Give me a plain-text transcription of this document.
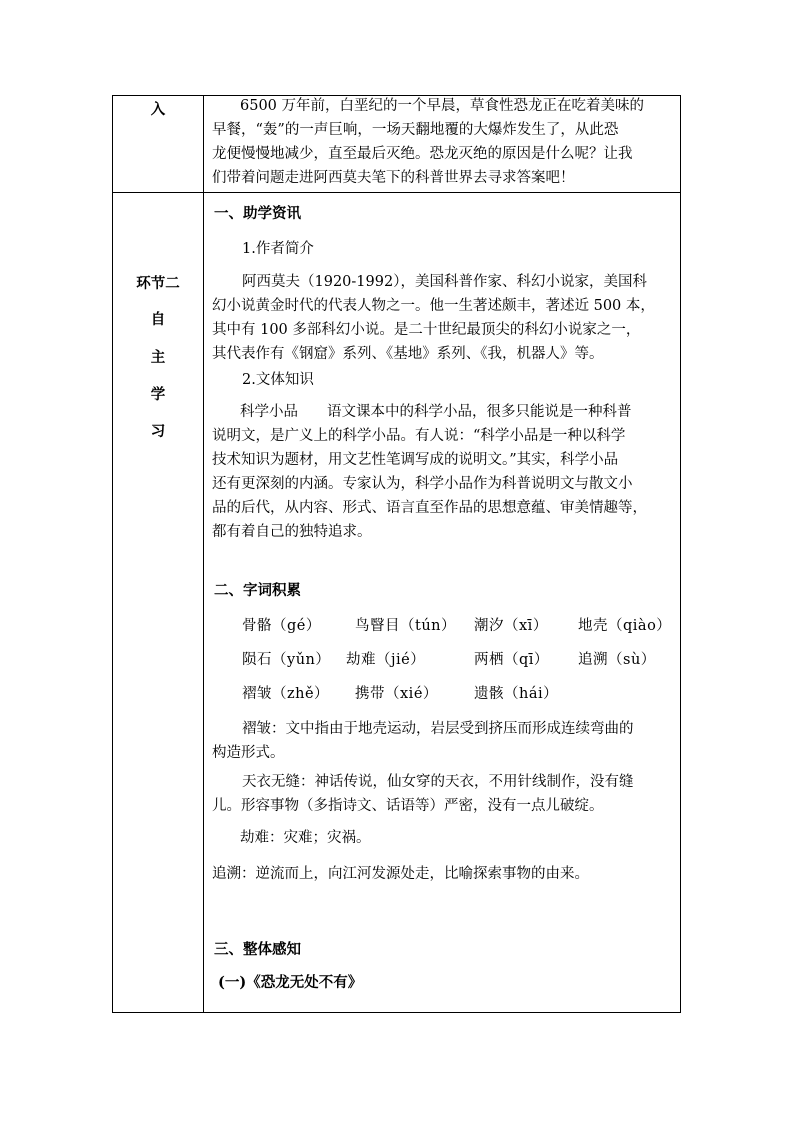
入	6500 万年前，白垩纪的一个早晨，草食性恐龙正在吃着美味的
早餐，“轰”的一声巨响，一场天翻地覆的大爆炸发生了，从此恐
龙便慢慢地减少，直至最后灭绝。恐龙灭绝的原因是什么呢？让我
们带着问题走进阿西莫夫笔下的科普世界去寻求答案吧！
环节二
自
主
学
习
一、助学资讯
1.作者简介
阿西莫夫（1920-1992），美国科普作家、科幻小说家，美国科
幻小说黄金时代的代表人物之一。他一生著述颇丰，著述近 500 本，
其中有 100 多部科幻小说。是二十世纪最顶尖的科幻小说家之一，
其代表作有《钢窟》系列、《基地》系列、《我，机器人》等。
2.文体知识
科学小品　　语文课本中的科学小品，很多只能说是一种科普
说明文，是广义上的科学小品。有人说：“科学小品是一种以科学
技术知识为题材，用文艺性笔调写成的说明文。”其实，科学小品
还有更深刻的内涵。专家认为，科学小品作为科普说明文与散文小
品的后代，从内容、形式、语言直至作品的思想意蕴、审美情趣等，
都有着自己的独特追求。
二、字词积累
骨骼（gé） 鸟瞖目（tún） 潮汐（xī） 地壳（qiào）
陨石（yǔn） 劫难（jié）	两栖（qī） 追溯（sù）
褶皱（zhě） 携带（xié） 遗骸（hái）
褶皱：文中指由于地壳运动，岩层受到挤压而形成连续弯曲的
构造形式。
天衣无缝：神话传说，仙女穿的天衣，不用针线制作，没有缝
儿。形容事物（多指诗文、话语等）严密，没有一点儿破绽。
劫难：灾难；灾祸。
追溯：逆流而上，向江河发源处走，比喻探索事物的由来。
三、整体感知
(一)《恐龙无处不有》
